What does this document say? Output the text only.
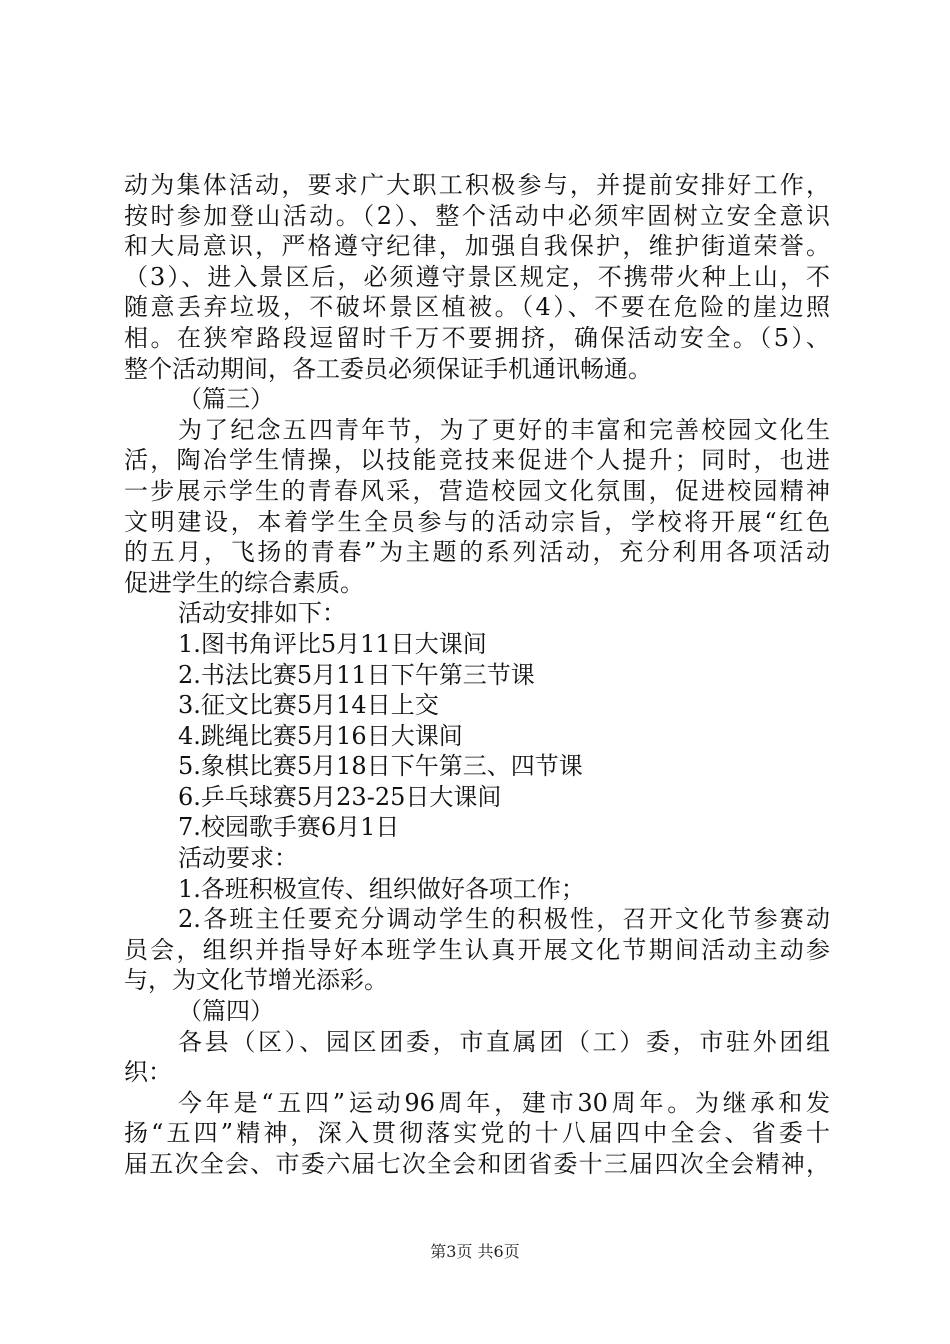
动为集体活动，要求广大职工积极参与，并提前安排好工作，
按时参加登山活动。（2）、整个活动中必须牢固树立安全意识
和大局意识，严格遵守纪律，加强自我保护，维护街道荣誉。
（3）、进入景区后，必须遵守景区规定，不携带火种上山，不
随意丢弃垃圾，不破坏景区植被。（4）、不要在危险的崖边照
相。在狭窄路段逗留时千万不要拥挤，确保活动安全。（5）、
整个活动期间，各工委员必须保证手机通讯畅通。
（篇三）
为了纪念五四青年节，为了更好的丰富和完善校园文化生
活，陶冶学生情操，以技能竞技来促进个人提升；同时，也进
一步展示学生的青春风采，营造校园文化氛围，促进校园精神
文明建设，本着学生全员参与的活动宗旨，学校将开展“红色
的五月，飞扬的青春”为主题的系列活动，充分利用各项活动
促进学生的综合素质。
活动安排如下：
1.图书角评比5月11日大课间
2.书法比赛5月11日下午第三节课
3.征文比赛5月14日上交
4.跳绳比赛5月16日大课间
5.象棋比赛5月18日下午第三、四节课
6.乒乓球赛5月23-25日大课间
7.校园歌手赛6月1日
活动要求：
1.各班积极宣传、组织做好各项工作；
2.各班主任要充分调动学生的积极性，召开文化节参赛动
员会，组织并指导好本班学生认真开展文化节期间活动主动参
与，为文化节增光添彩。
（篇四）
各县（区）、园区团委，市直属团（工）委，市驻外团组
织：
今年是“五四”运动96周年，建市30周年。为继承和发
扬“五四”精神，深入贯彻落实党的十八届四中全会、省委十
届五次全会、市委六届七次全会和团省委十三届四次全会精神，
第3页 共6页
